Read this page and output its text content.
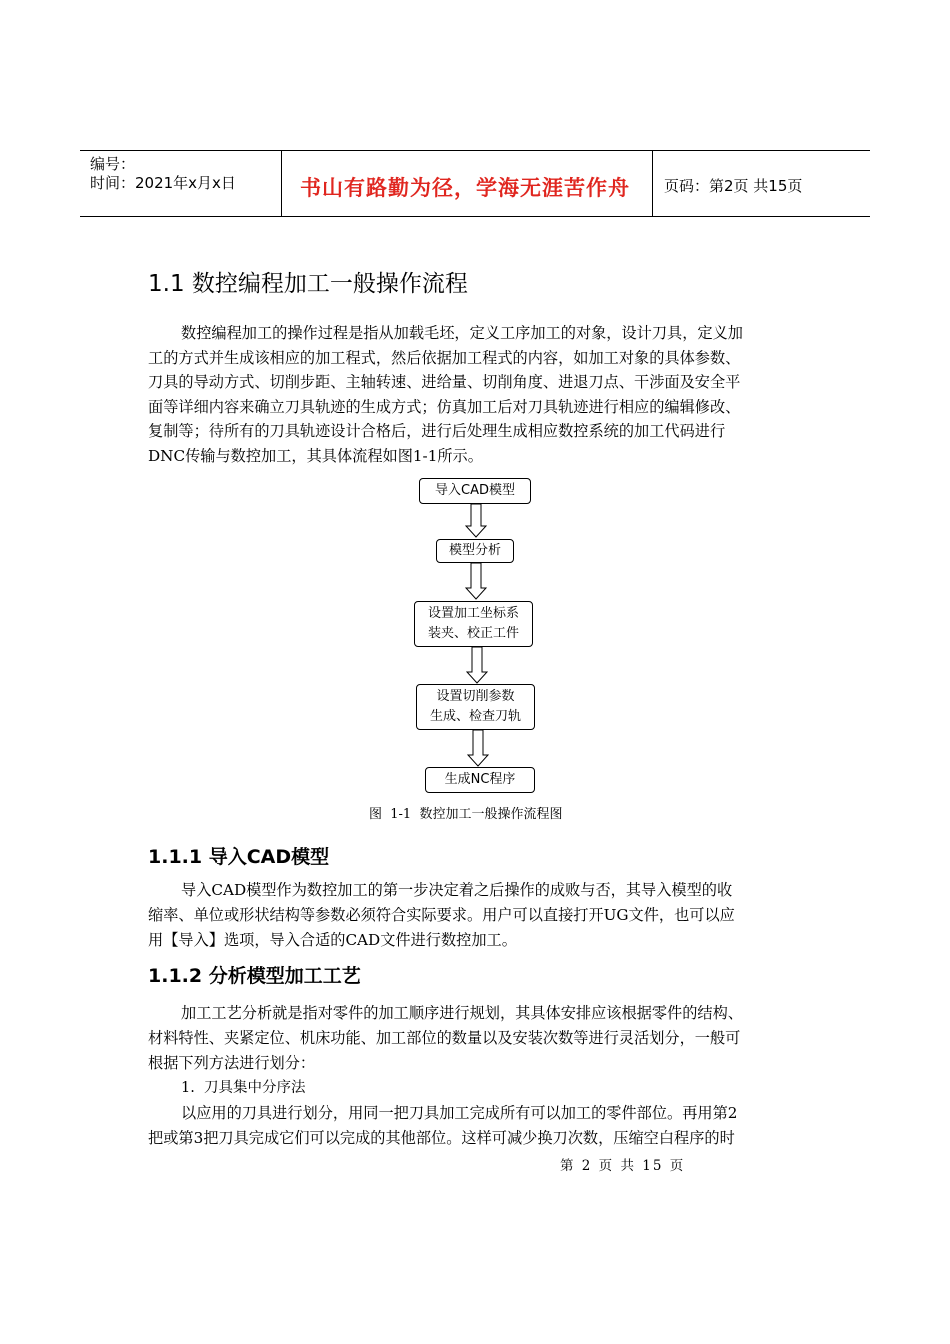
编号：
时间：2021年x月x日	书山有路勤为径，学海无涯苦作舟 页码：第2页 共15页
1.1 数控编程加工一般操作流程
数控编程加工的操作过程是指从加载毛坯，定义工序加工的对象，设计刀具，定义加
工的方式并生成该相应的加工程式，然后依据加工程式的内容，如加工对象的具体参数、
刀具的导动方式、切削步距、主轴转速、进给量、切削角度、进退刀点、干涉面及安全平
面等详细内容来确立刀具轨迹的生成方式；仿真加工后对刀具轨迹进行相应的编辑修改、
复制等；待所有的刀具轨迹设计合格后，进行后处理生成相应数控系统的加工代码进行
DNC传输与数控加工，其具体流程如图1-1所示。
导入CAD模型
模型分析
设置加工坐标系
装夹、校正工件
设置切削参数
生成、检查刀轨
生成NC程序
图  1-1  数控加工一般操作流程图
1.1.1 导入CAD模型
导入CAD模型作为数控加工的第一步决定着之后操作的成败与否，其导入模型的收
缩率、单位或形状结构等参数必须符合实际要求。用户可以直接打开UG文件，也可以应
用【导入】选项，导入合适的CAD文件进行数控加工。
1.1.2 分析模型加工工艺
加工工艺分析就是指对零件的加工顺序进行规划，其具体安排应该根据零件的结构、
材料特性、夹紧定位、机床功能、加工部位的数量以及安装次数等进行灵活划分，一般可
根据下列方法进行划分：
1.  刀具集中分序法
以应用的刀具进行划分，用同一把刀具加工完成所有可以加工的零件部位。再用第2
把或第3把刀具完成它们可以完成的其他部位。这样可减少换刀次数，压缩空白程序的时
第 2 页 共 15 页
